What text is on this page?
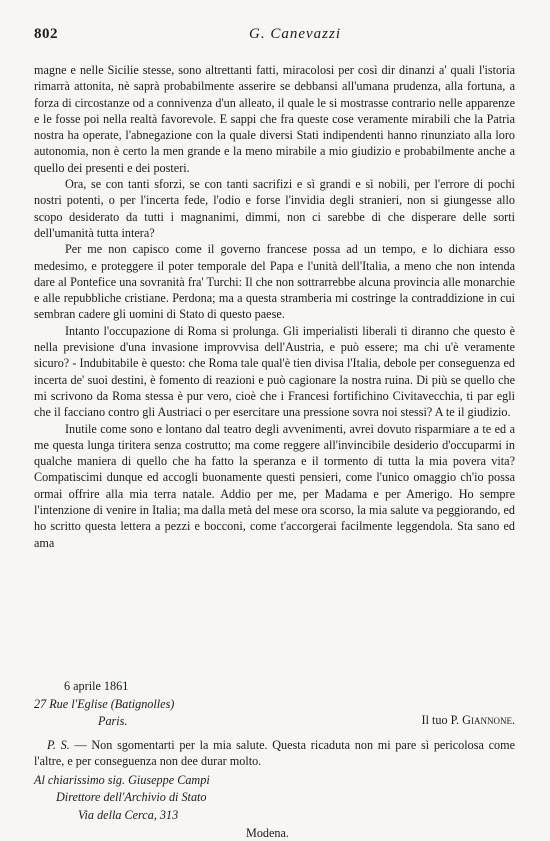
802	G. Canevazzi

magne e nelle Sicilie stesse, sono altrettanti fatti, miracolosi per così dir dinanzi a' quali l'istoria rimarrà attonita, nè saprà probabilmente asserire se debbansi all'umana prudenza, alla fortuna, a forza di circostanze od a connivenza d'un alleato, il quale le si mostrasse contrario nelle apparenze e le fosse poi nella realtà favorevole. E sappi che fra queste cose veramente mirabili che la Patria nostra ha operate, l'abnegazione con la quale diversi Stati indipendenti hanno rinunziato alla loro autonomia, non è certo la men grande e la meno mirabile a mio giudizio e probabilmente anche a quello dei presenti e dei posteri.

Ora, se con tanti sforzi, se con tanti sacrifizi e sì grandi e sì nobili, per l'errore di pochi nostri potenti, o per l'incerta fede, l'odio e forse l'invidia degli stranieri, non si giungesse allo scopo desiderato da tutti i magnanimi, dimmi, non ci sarebbe di che disperare delle sorti dell'umanità tutta intera?

Per me non capisco come il governo francese possa ad un tempo, e lo dichiara esso medesimo, e proteggere il poter temporale del Papa e l'unità dell'Italia, a meno che non intenda dare al Pontefice una sovranità fra' Turchi: Il che non sottrarrebbe alcuna provincia alle monarchie e alle repubbliche cristiane. Perdona; ma a questa stramberia mi costringe la contraddizione in cui sembran cadere gli uomini di Stato di questo paese.

Intanto l'occupazione di Roma si prolunga. Gli imperialisti liberali ti diranno che questo è nella previsione d'una invasione improvvisa dell'Austria, e può essere; ma chi u'è veramente sicuro? - Indubitabile è questo: che Roma tale qual'è tien divisa l'Italia, debole per conseguenza ed incerta de' suoi destini, è fomento di reazioni e può cagionare la nostra ruina. Di più se quello che mi scrivono da Roma stessa è pur vero, cioè che i Francesi fortifichino Civitavecchia, ti par egli che il facciano contro gli Austriaci o per esercitare una pressione sovra noi stessi? A te il giudizio.

Inutile come sono e lontano dal teatro degli avvenimenti, avrei dovuto risparmiare a te ed a me questa lunga tiritera senza costrutto; ma come reggere all'invincibile desiderio d'occuparmi in qualche maniera di quello che ha fatto la speranza e il tormento di tutta la mia povera vita? Compatiscimi dunque ed accogli buonamente questi pensieri, come l'unico omaggio ch'io possa ormai offrire alla mia terra natale. Addio per me, per Madama e per Amerigo. Ho sempre l'intenzione di venire in Italia; ma dalla metà del mese ora scorso, la mia salute va peggiorando, ed ho scritto questa lettera a pezzi e bocconi, come t'accorgerai facilmente leggendola. Sta sano ed ama

Il tuo P. Giannone.
6 aprile 1861
27 Rue l'Eglise (Batignolles)
Paris.
P. S. — Non sgomentarti per la mia salute. Questa ricaduta non mi pare sì pericolosa come l'altre, e per conseguenza non dee durar molto.
Al chiarissimo sig. Giuseppe Campi
Direttore dell'Archivio di Stato
Via della Cerca, 313
Modena.
